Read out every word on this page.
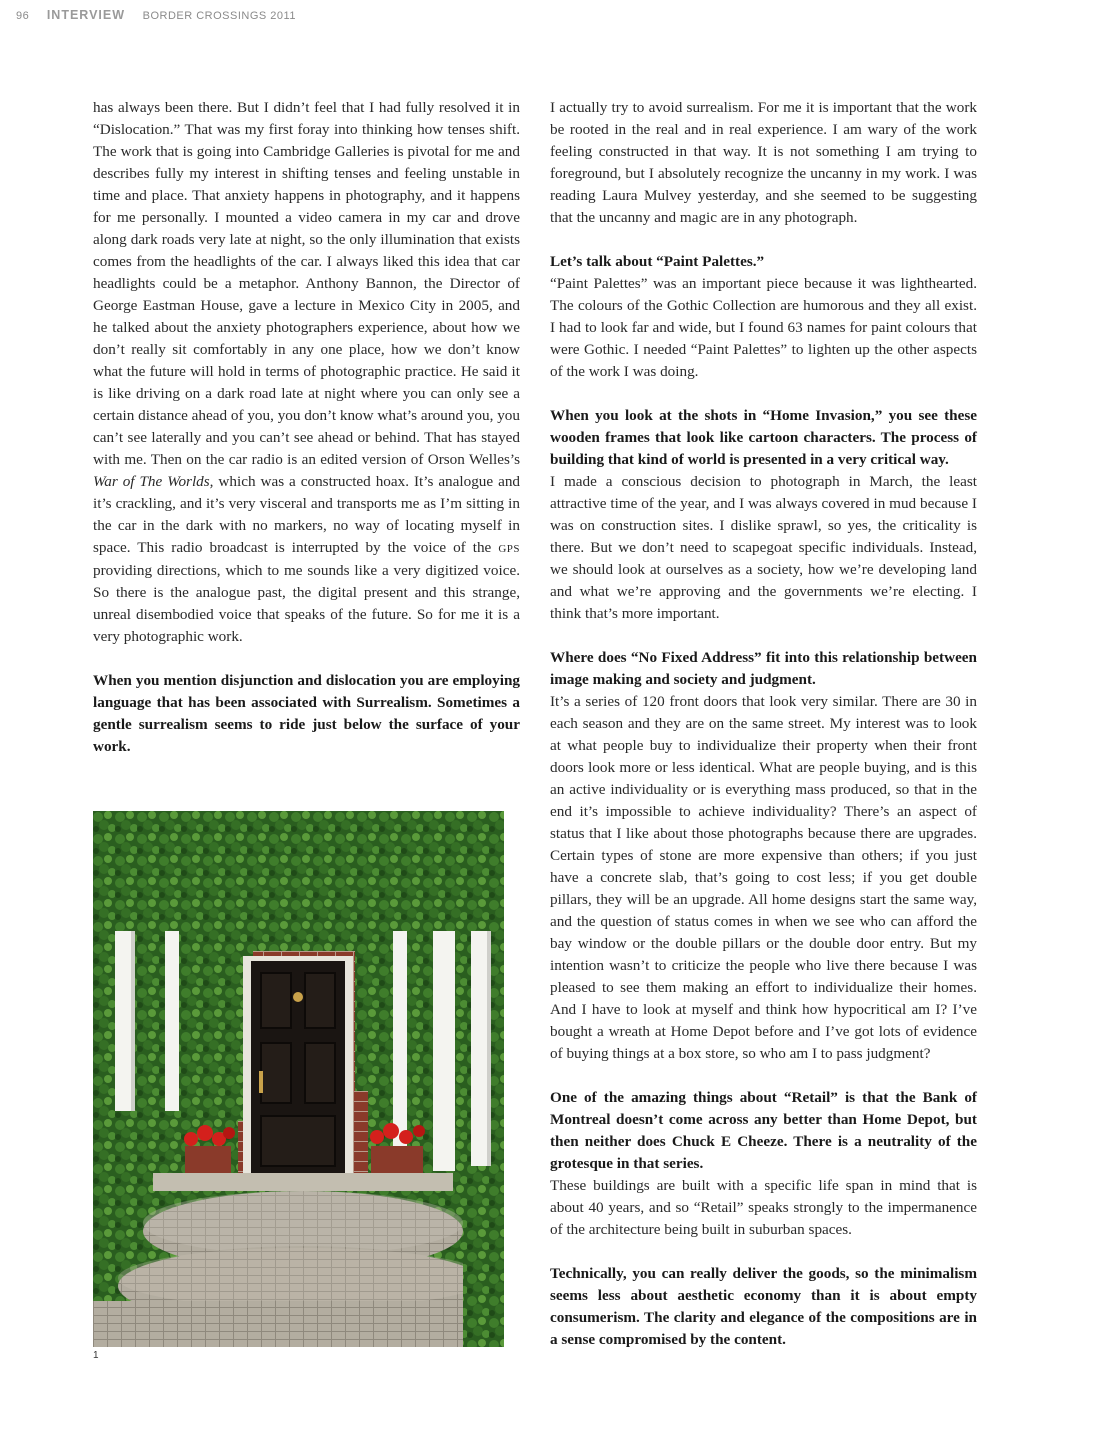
96 INTERVIEW BORDER CROSSINGS 2011

has always been there. But I didn’t feel that I had fully resolved it in “Dislocation.” That was my first foray into thinking how tenses shift. The work that is going into Cambridge Galleries is pivotal for me and describes fully my interest in shifting tenses and feeling unstable in time and place. That anxiety happens in photography, and it happens for me personally. I mounted a video camera in my car and drove along dark roads very late at night, so the only illumination that exists comes from the headlights of the car. I always liked this idea that car headlights could be a metaphor. Anthony Bannon, the Director of George Eastman House, gave a lecture in Mexico City in 2005, and he talked about the anxiety photographers experience, about how we don’t really sit comfortably in any one place, how we don’t know what the future will hold in terms of photographic practice. He said it is like driving on a dark road late at night where you can only see a certain distance ahead of you, you don’t know what’s around you, you can’t see laterally and you can’t see ahead or behind. That has stayed with me. Then on the car radio is an edited version of Orson Welles’s War of The Worlds, which was a constructed hoax. It’s analogue and it’s crackling, and it’s very visceral and transports me as I’m sitting in the car in the dark with no markers, no way of locating myself in space. This radio broadcast is interrupted by the voice of the GPS providing directions, which to me sounds like a very digitized voice. So there is the analogue past, the digital present and this strange, unreal disembodied voice that speaks of the future. So for me it is a very photographic work.

When you mention disjunction and dislocation you are employing language that has been associated with Surrealism. Sometimes a gentle surrealism seems to ride just below the surface of your work.

I actually try to avoid surrealism. For me it is important that the work be rooted in the real and in real experience. I am wary of the work feeling constructed in that way. It is not something I am trying to foreground, but I absolutely recognize the uncanny in my work. I was reading Laura Mulvey yesterday, and she seemed to be suggesting that the uncanny and magic are in any photograph.

Let’s talk about “Paint Palettes.”

“Paint Palettes” was an important piece because it was lighthearted. The colours of the Gothic Collection are humorous and they all exist. I had to look far and wide, but I found 63 names for paint colours that were Gothic. I needed “Paint Palettes” to lighten up the other aspects of the work I was doing.

When you look at the shots in “Home Invasion,” you see these wooden frames that look like cartoon characters. The process of building that kind of world is presented in a very critical way.

I made a conscious decision to photograph in March, the least attractive time of the year, and I was always covered in mud because I was on construction sites. I dislike sprawl, so yes, the criticality is there. But we don’t need to scapegoat specific individuals. Instead, we should look at ourselves as a society, how we’re developing land and what we’re approving and the governments we’re electing. I think that’s more important.

Where does “No Fixed Address” fit into this relationship between image making and society and judgment.

It’s a series of 120 front doors that look very similar. There are 30 in each season and they are on the same street. My interest was to look at what people buy to individualize their property when their front doors look more or less identical. What are people buying, and is this an active individuality or is everything mass produced, so that in the end it’s impossible to achieve individuality? There’s an aspect of status that I like about those photographs because there are upgrades. Certain types of stone are more expensive than others; if you just have a concrete slab, that’s going to cost less; if you get double pillars, they will be an upgrade. All home designs start the same way, and the question of status comes in when we see who can afford the bay window or the double pillars or the double door entry. But my intention wasn’t to criticize the people who live there because I was pleased to see them making an effort to individualize their homes. And I have to look at myself and think how hypocritical am I? I’ve bought a wreath at Home Depot before and I’ve got lots of evidence of buying things at a box store, so who am I to pass judgment?

One of the amazing things about “Retail” is that the Bank of Montreal doesn’t come across any better than Home Depot, but then neither does Chuck E Cheeze. There is a neutrality of the grotesque in that series.

These buildings are built with a specific life span in mind that is about 40 years, and so “Retail” speaks strongly to the impermanence of the architecture being built in suburban spaces.

Technically, you can really deliver the goods, so the minimalism seems less about aesthetic economy than it is about empty consumerism. The clarity and elegance of the compositions are in a sense compromised by the content.

1
